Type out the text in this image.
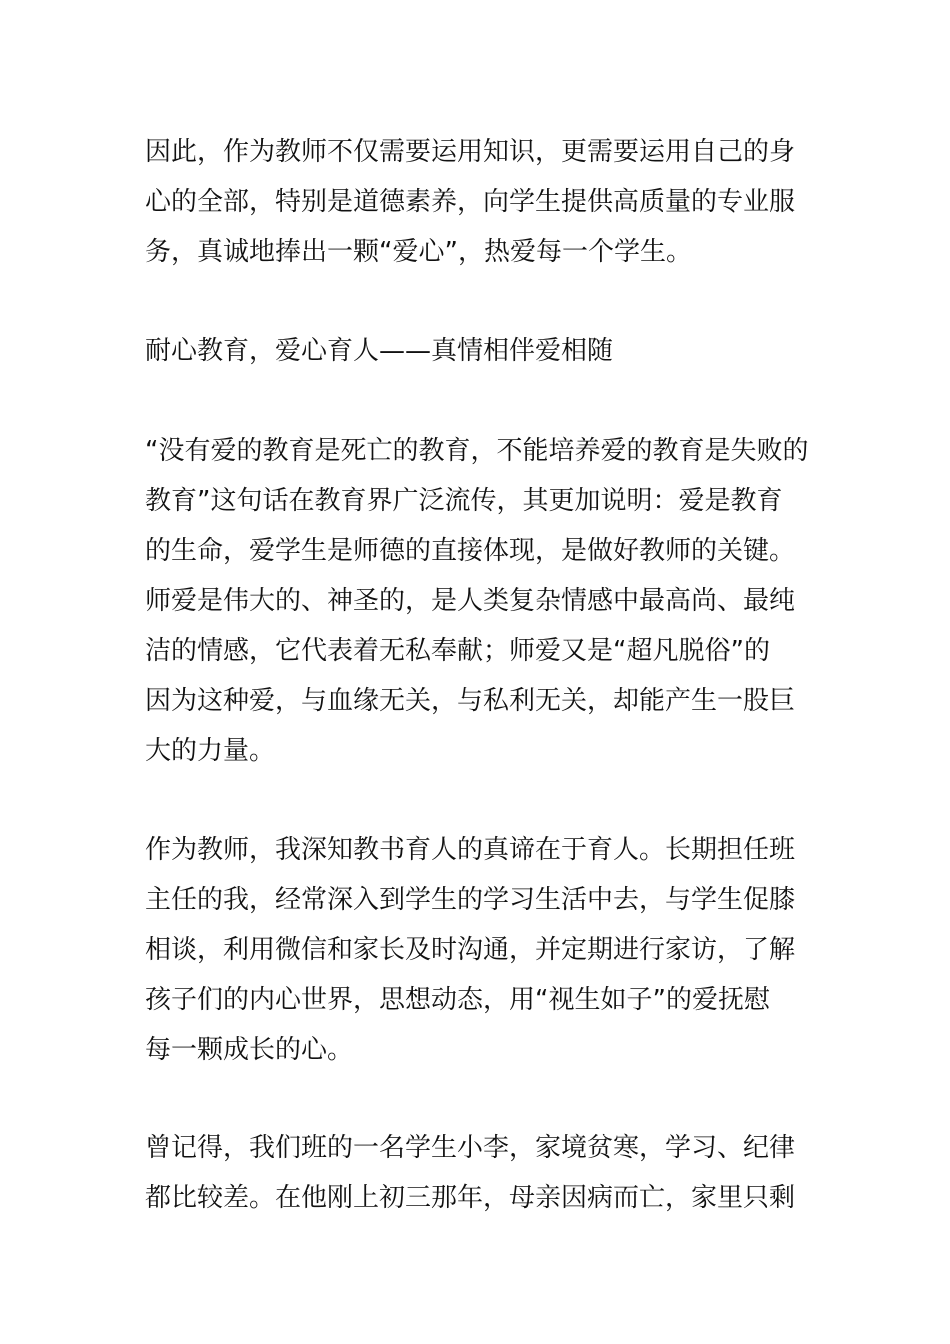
因此，作为教师不仅需要运用知识，更需要运用自己的身
心的全部，特别是道德素养，向学生提供高质量的专业服
务，真诚地捧出一颗“爱心”，热爱每一个学生。
耐心教育，爱心育人——真情相伴爱相随
“没有爱的教育是死亡的教育，不能培养爱的教育是失败的
教育”这句话在教育界广泛流传，其更加说明：爱是教育
的生命，爱学生是师德的直接体现，是做好教师的关键。
师爱是伟大的、神圣的，是人类复杂情感中最高尚、最纯
洁的情感，它代表着无私奉献；师爱又是“超凡脱俗”的
因为这种爱，与血缘无关，与私利无关，却能产生一股巨
大的力量。
作为教师，我深知教书育人的真谛在于育人。长期担任班
主任的我，经常深入到学生的学习生活中去，与学生促膝
相谈，利用微信和家长及时沟通，并定期进行家访，了解
孩子们的内心世界，思想动态，用“视生如子”的爱抚慰
每一颗成长的心。
曾记得，我们班的一名学生小李，家境贫寒，学习、纪律
都比较差。在他刚上初三那年，母亲因病而亡，家里只剩
